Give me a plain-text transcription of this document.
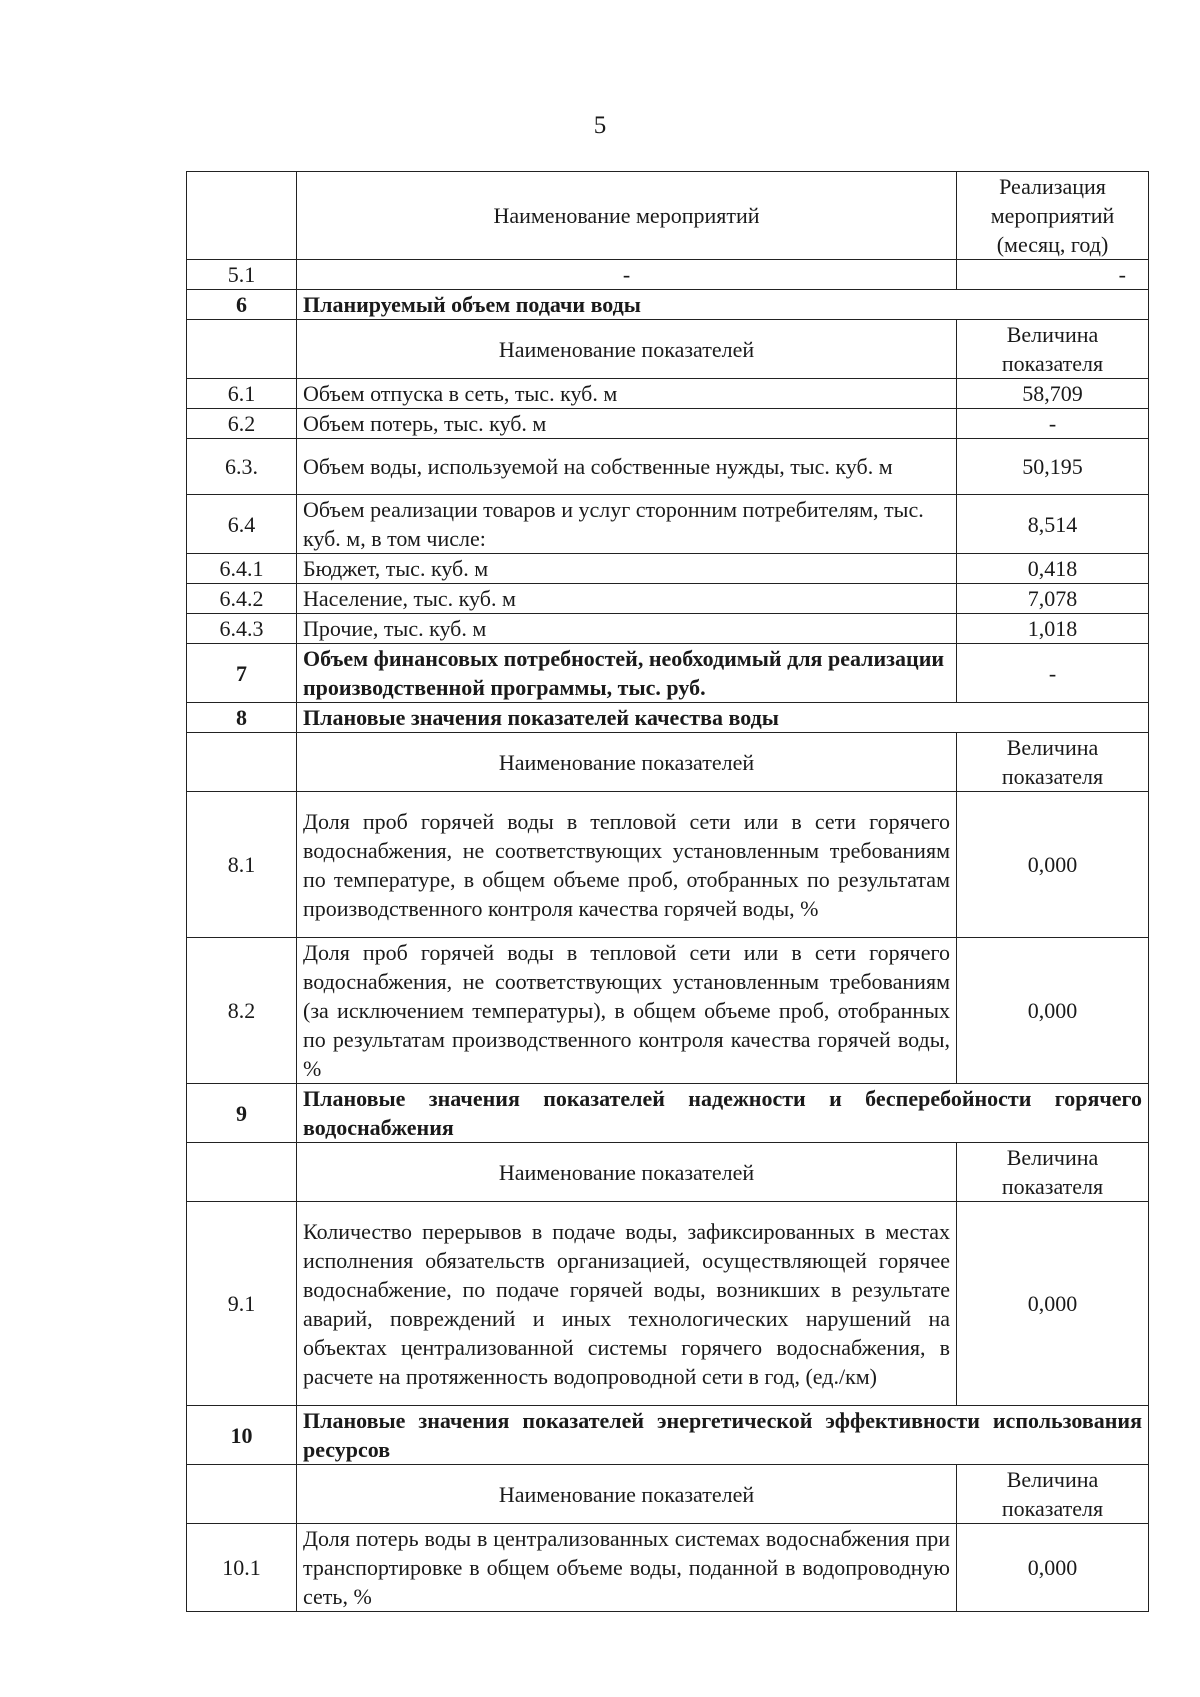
5
	Наименование мероприятий	Реализация мероприятий (месяц, год)
5.1	-	-
6	Планируемый объем подачи воды	
	Наименование показателей	Величина показателя
6.1	Объем отпуска в сеть, тыс. куб. м	58,709
6.2	Объем потерь, тыс. куб. м	-
6.3.	Объем воды, используемой на собственные нужды, тыс. куб. м	50,195
6.4	Объем реализации товаров и услуг сторонним потребителям, тыс. куб. м, в том числе:	8,514
6.4.1	Бюджет, тыс. куб. м	0,418
6.4.2	Население, тыс. куб. м	7,078
6.4.3	Прочие, тыс. куб. м	1,018
7	Объем финансовых потребностей, необходимый для реализации производственной программы, тыс. руб.	-
8	Плановые значения показателей качества воды	
	Наименование показателей	Величина показателя
8.1	Доля проб горячей воды в тепловой сети или в сети горячего водоснабжения, не соответствующих установленным требованиям по температуре, в общем объеме проб, отобранных по результатам производственного контроля качества горячей воды, %	0,000
8.2	Доля проб горячей воды в тепловой сети или в сети горячего водоснабжения, не соответствующих установленным требованиям (за исключением температуры), в общем объеме проб, отобранных по результатам производственного контроля качества горячей воды, %	0,000
9	Плановые значения показателей надежности и бесперебойности горячего водоснабжения	
	Наименование показателей	Величина показателя
9.1	Количество перерывов в подаче воды, зафиксированных в местах исполнения обязательств организацией, осуществляющей горячее водоснабжение, по подаче горячей воды, возникших в результате аварий, повреждений и иных технологических нарушений на объектах централизованной системы горячего водоснабжения, в расчете на протяженность водопроводной сети в год, (ед./км)	0,000
10	Плановые значения показателей энергетической эффективности использования ресурсов	
	Наименование показателей	Величина показателя
10.1	Доля потерь воды в централизованных системах водоснабжения при транспортировке в общем объеме воды, поданной в водопроводную сеть, %	0,000
